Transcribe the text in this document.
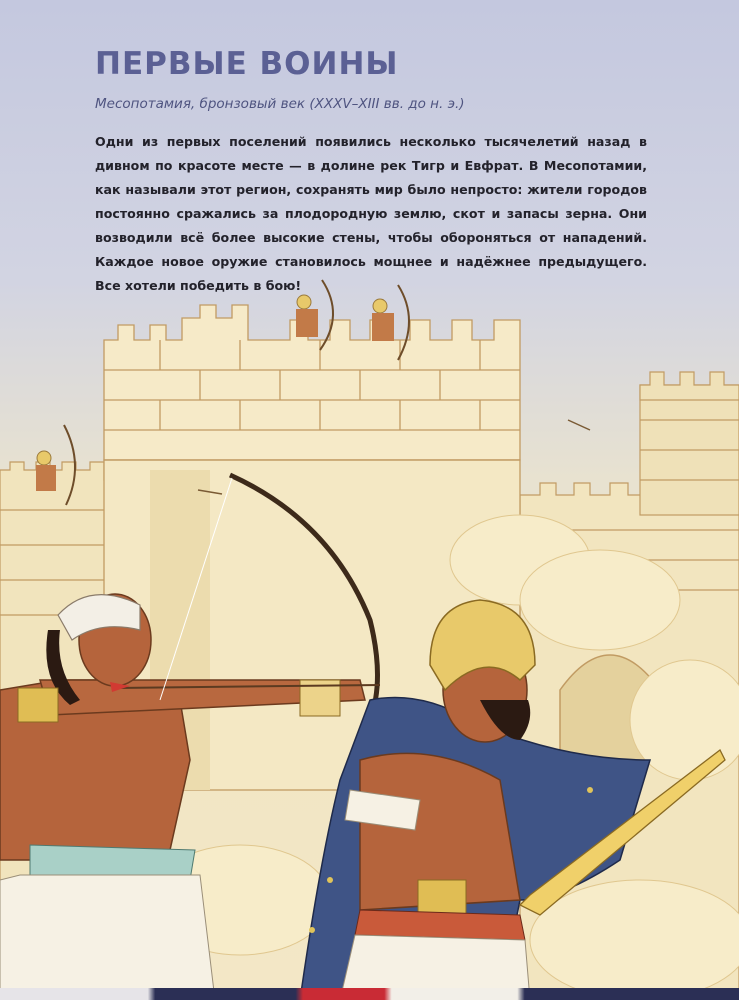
ПЕРВЫЕ ВОИНЫ

Месопотамия, бронзовый век (XXXV–XIII вв. до н. э.)

Одни из первых поселений появились несколько тысячелетий назад в дивном по красоте месте — в долине рек Тигр и Евфрат. В Месопотамии, как называли этот регион, сохранять мир было непросто: жители городов постоянно сражались за плодородную землю, скот и запасы зерна. Они возводили всё более высокие стены, чтобы обороняться от нападений. Каждое новое оружие становилось мощнее и надёжнее предыдущего. Все хотели победить в бою!
